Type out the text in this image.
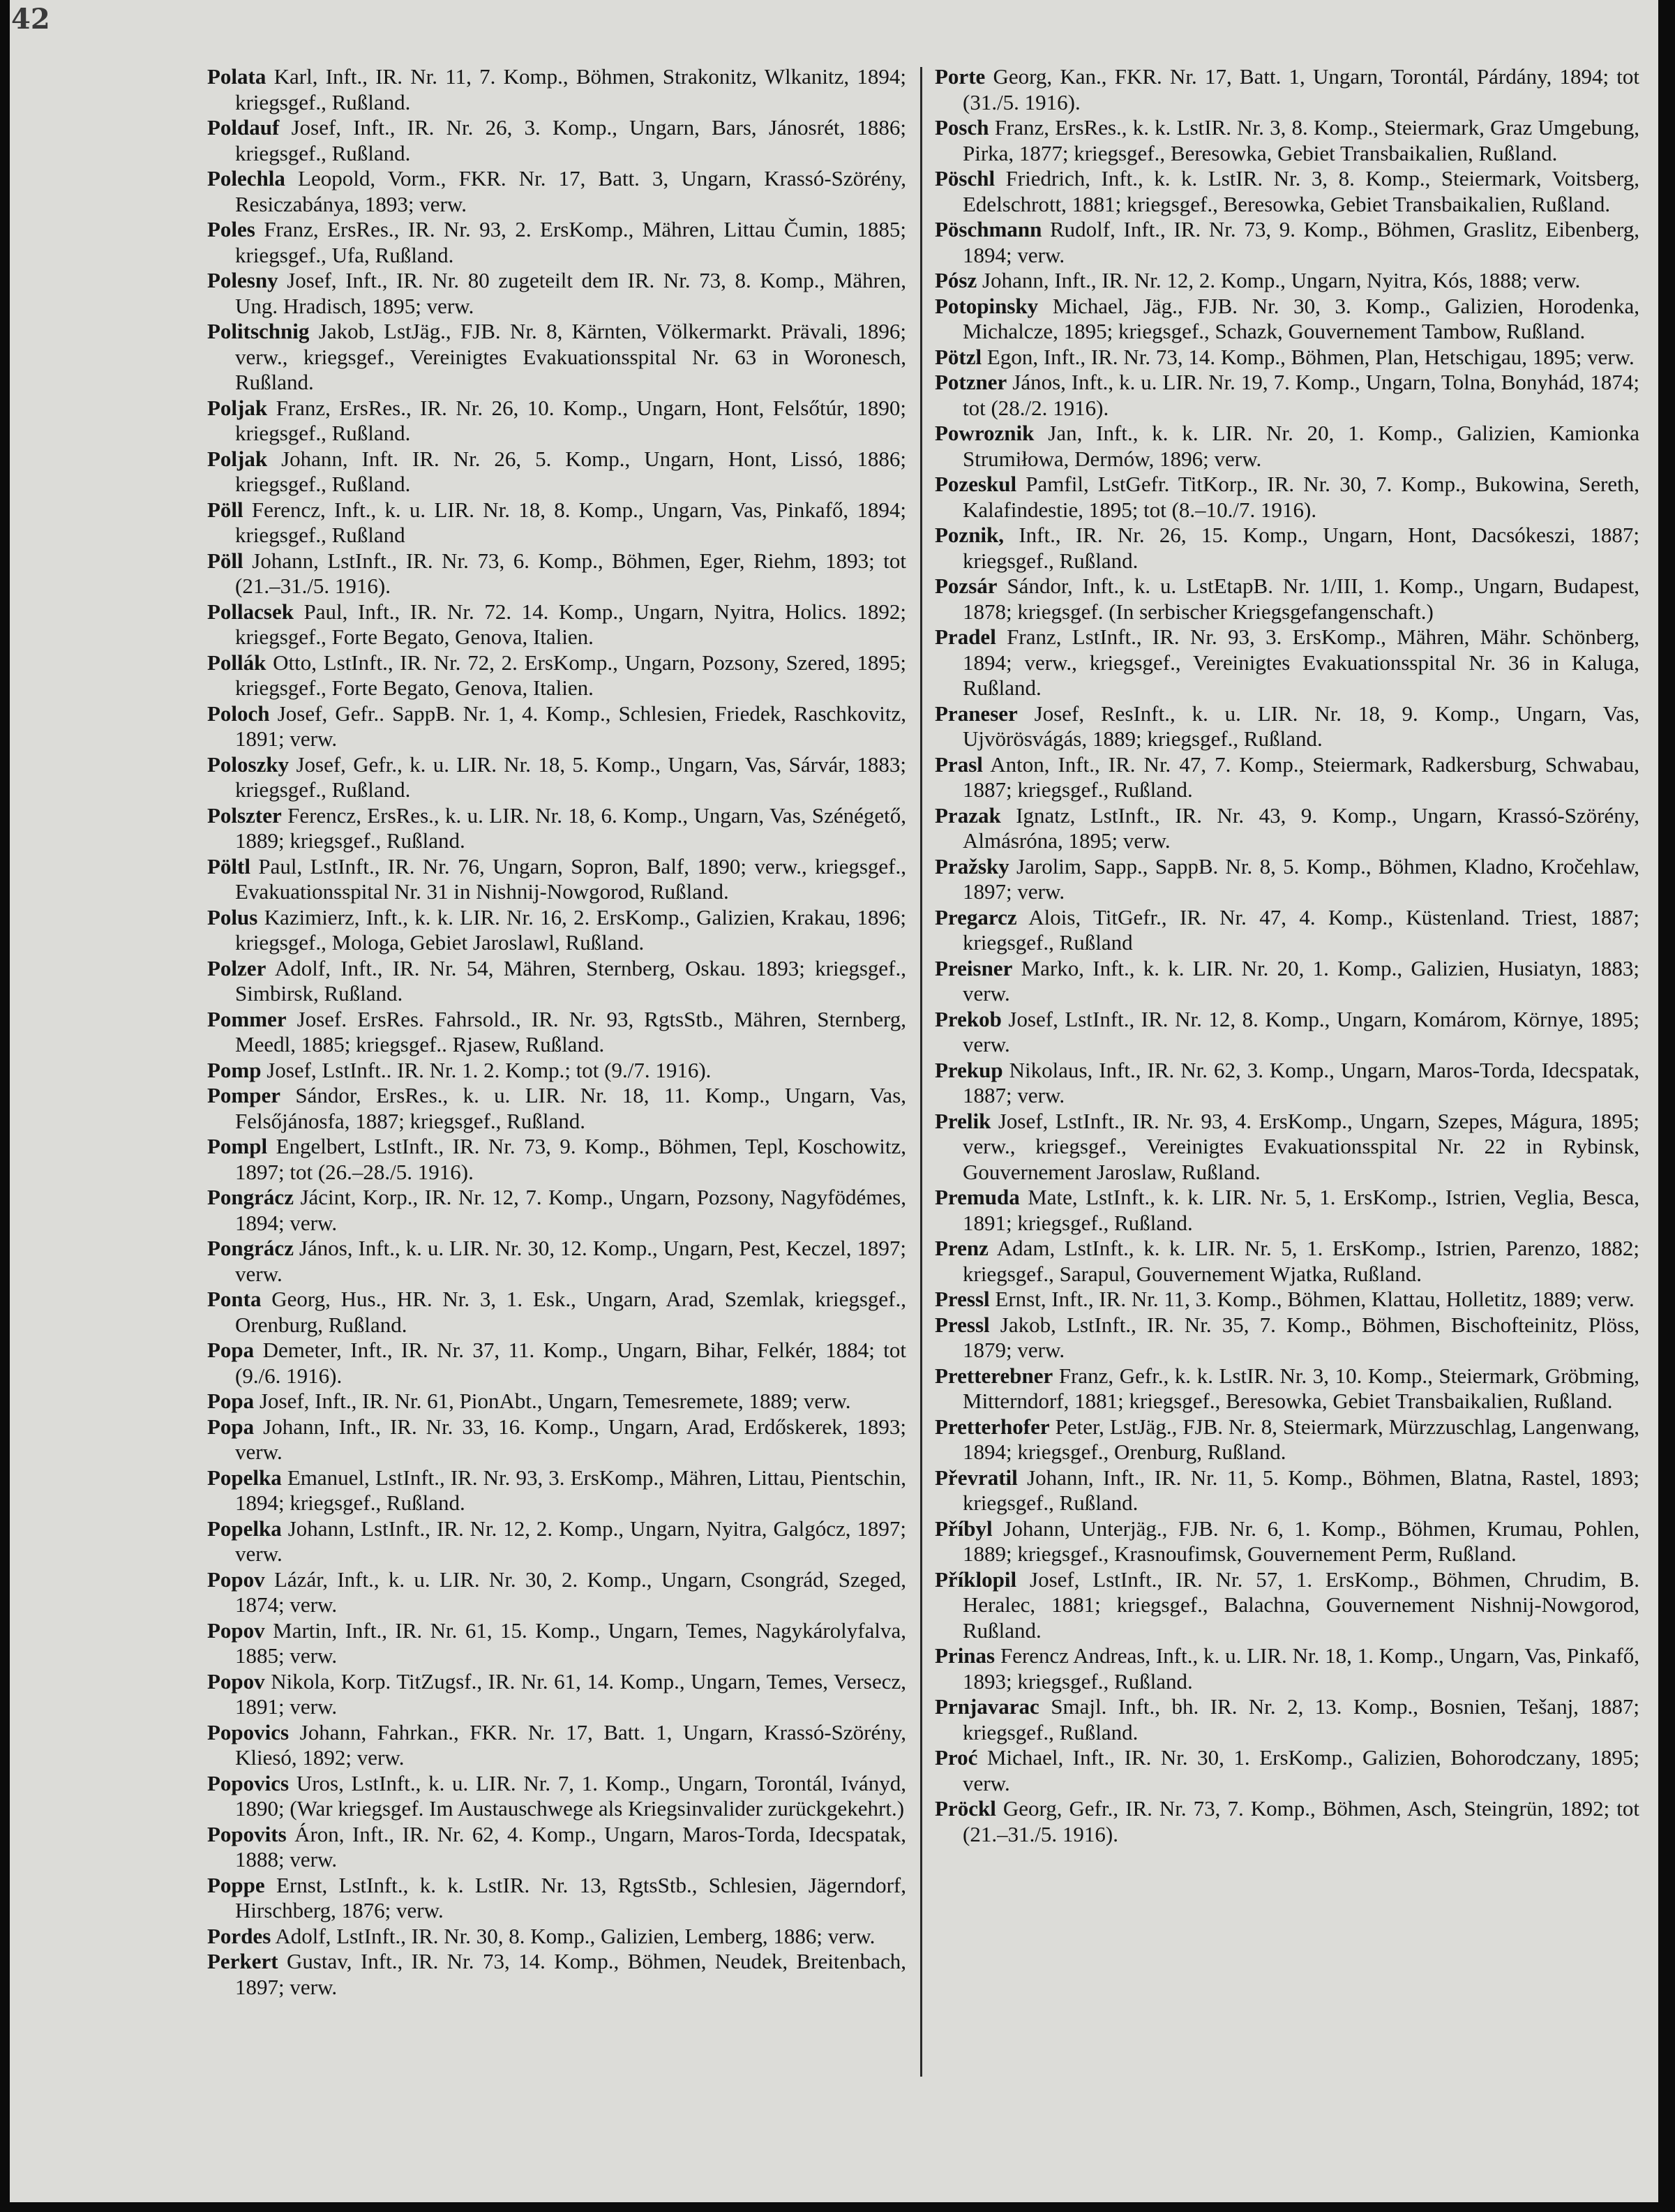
42

Polata Karl, Inft., IR. Nr. 11, 7. Komp., Böhmen, Strakonitz, Wlkanitz, 1894; kriegsgef., Rußland.

Poldauf Josef, Inft., IR. Nr. 26, 3. Komp., Ungarn, Bars, Jánosrét, 1886; kriegsgef., Rußland.

Polechla Leopold, Vorm., FKR. Nr. 17, Batt. 3, Ungarn, Krassó-Szörény, Resiczabánya, 1893; verw.

Poles Franz, ErsRes., IR. Nr. 93, 2. ErsKomp., Mähren, Littau Čumin, 1885; kriegsgef., Ufa, Rußland.

Polesny Josef, Inft., IR. Nr. 80 zugeteilt dem IR. Nr. 73, 8. Komp., Mähren, Ung. Hradisch, 1895; verw.

Politschnig Jakob, LstJäg., FJB. Nr. 8, Kärnten, Völkermarkt. Prävali, 1896; verw., kriegsgef., Vereinigtes Evakuationsspital Nr. 63 in Woronesch, Rußland.

Poljak Franz, ErsRes., IR. Nr. 26, 10. Komp., Ungarn, Hont, Felsőtúr, 1890; kriegsgef., Rußland.

Poljak Johann, Inft. IR. Nr. 26, 5. Komp., Ungarn, Hont, Lissó, 1886; kriegsgef., Rußland.

Pöll Ferencz, Inft., k. u. LIR. Nr. 18, 8. Komp., Ungarn, Vas, Pinkafő, 1894; kriegsgef., Rußland

Pöll Johann, LstInft., IR. Nr. 73, 6. Komp., Böhmen, Eger, Riehm, 1893; tot (21.–31./5. 1916).

Pollacsek Paul, Inft., IR. Nr. 72. 14. Komp., Ungarn, Nyitra, Holics. 1892; kriegsgef., Forte Begato, Genova, Italien.

Pollák Otto, LstInft., IR. Nr. 72, 2. ErsKomp., Ungarn, Pozsony, Szered, 1895; kriegsgef., Forte Begato, Genova, Italien.

Poloch Josef, Gefr.. SappB. Nr. 1, 4. Komp., Schlesien, Friedek, Raschkovitz, 1891; verw.

Poloszky Josef, Gefr., k. u. LIR. Nr. 18, 5. Komp., Ungarn, Vas, Sárvár, 1883; kriegsgef., Rußland.

Polszter Ferencz, ErsRes., k. u. LIR. Nr. 18, 6. Komp., Ungarn, Vas, Szénégető, 1889; kriegsgef., Rußland.

Pöltl Paul, LstInft., IR. Nr. 76, Ungarn, Sopron, Balf, 1890; verw., kriegsgef., Evakuationsspital Nr. 31 in Nishnij-Nowgorod, Rußland.

Polus Kazimierz, Inft., k. k. LIR. Nr. 16, 2. ErsKomp., Galizien, Krakau, 1896; kriegsgef., Mologa, Gebiet Jaroslawl, Rußland.

Polzer Adolf, Inft., IR. Nr. 54, Mähren, Sternberg, Oskau. 1893; kriegsgef., Simbirsk, Rußland.

Pommer Josef. ErsRes. Fahrsold., IR. Nr. 93, RgtsStb., Mähren, Sternberg, Meedl, 1885; kriegsgef.. Rjasew, Rußland.

Pomp Josef, LstInft.. IR. Nr. 1. 2. Komp.; tot (9./7. 1916).

Pomper Sándor, ErsRes., k. u. LIR. Nr. 18, 11. Komp., Ungarn, Vas, Felsőjánosfa, 1887; kriegsgef., Rußland.

Pompl Engelbert, LstInft., IR. Nr. 73, 9. Komp., Böhmen, Tepl, Koschowitz, 1897; tot (26.–28./5. 1916).

Pongrácz Jácint, Korp., IR. Nr. 12, 7. Komp., Ungarn, Pozsony, Nagyfödémes, 1894; verw.

Pongrácz János, Inft., k. u. LIR. Nr. 30, 12. Komp., Ungarn, Pest, Keczel, 1897; verw.

Ponta Georg, Hus., HR. Nr. 3, 1. Esk., Ungarn, Arad, Szemlak, kriegsgef., Orenburg, Rußland.

Popa Demeter, Inft., IR. Nr. 37, 11. Komp., Ungarn, Bihar, Felkér, 1884; tot (9./6. 1916).

Popa Josef, Inft., IR. Nr. 61, PionAbt., Ungarn, Temesremete, 1889; verw.

Popa Johann, Inft., IR. Nr. 33, 16. Komp., Ungarn, Arad, Erdőskerek, 1893; verw.

Popelka Emanuel, LstInft., IR. Nr. 93, 3. ErsKomp., Mähren, Littau, Pientschin, 1894; kriegsgef., Rußland.

Popelka Johann, LstInft., IR. Nr. 12, 2. Komp., Ungarn, Nyitra, Galgócz, 1897; verw.

Popov Lázár, Inft., k. u. LIR. Nr. 30, 2. Komp., Ungarn, Csongrád, Szeged, 1874; verw.

Popov Martin, Inft., IR. Nr. 61, 15. Komp., Ungarn, Temes, Nagykárolyfalva, 1885; verw.

Popov Nikola, Korp. TitZugsf., IR. Nr. 61, 14. Komp., Ungarn, Temes, Versecz, 1891; verw.

Popovics Johann, Fahrkan., FKR. Nr. 17, Batt. 1, Ungarn, Krassó-Szörény, Kliesó, 1892; verw.

Popovics Uros, LstInft., k. u. LIR. Nr. 7, 1. Komp., Ungarn, Torontál, Iványd, 1890; (War kriegsgef. Im Austauschwege als Kriegsinvalider zurückgekehrt.)

Popovits Áron, Inft., IR. Nr. 62, 4. Komp., Ungarn, Maros-Torda, Idecspatak, 1888; verw.

Poppe Ernst, LstInft., k. k. LstIR. Nr. 13, RgtsStb., Schlesien, Jägerndorf, Hirschberg, 1876; verw.

Pordes Adolf, LstInft., IR. Nr. 30, 8. Komp., Galizien, Lemberg, 1886; verw.

Perkert Gustav, Inft., IR. Nr. 73, 14. Komp., Böhmen, Neudek, Breitenbach, 1897; verw.

Porte Georg, Kan., FKR. Nr. 17, Batt. 1, Ungarn, Torontál, Párdány, 1894; tot (31./5. 1916).

Posch Franz, ErsRes., k. k. LstIR. Nr. 3, 8. Komp., Steiermark, Graz Umgebung, Pirka, 1877; kriegsgef., Beresowka, Gebiet Transbaikalien, Rußland.

Pöschl Friedrich, Inft., k. k. LstIR. Nr. 3, 8. Komp., Steiermark, Voitsberg, Edelschrott, 1881; kriegsgef., Beresowka, Gebiet Transbaikalien, Rußland.

Pöschmann Rudolf, Inft., IR. Nr. 73, 9. Komp., Böhmen, Graslitz, Eibenberg, 1894; verw.

Pósz Johann, Inft., IR. Nr. 12, 2. Komp., Ungarn, Nyitra, Kós, 1888; verw.

Potopinsky Michael, Jäg., FJB. Nr. 30, 3. Komp., Galizien, Horodenka, Michalcze, 1895; kriegsgef., Schazk, Gouvernement Tambow, Rußland.

Pötzl Egon, Inft., IR. Nr. 73, 14. Komp., Böhmen, Plan, Hetschigau, 1895; verw.

Potzner János, Inft., k. u. LIR. Nr. 19, 7. Komp., Ungarn, Tolna, Bonyhád, 1874; tot (28./2. 1916).

Powroznik Jan, Inft., k. k. LIR. Nr. 20, 1. Komp., Galizien, Kamionka Strumiłowa, Dermów, 1896; verw.

Pozeskul Pamfil, LstGefr. TitKorp., IR. Nr. 30, 7. Komp., Bukowina, Sereth, Kalafindestie, 1895; tot (8.–10./7. 1916).

Poznik, Inft., IR. Nr. 26, 15. Komp., Ungarn, Hont, Dacsókeszi, 1887; kriegsgef., Rußland.

Pozsár Sándor, Inft., k. u. LstEtapB. Nr. 1/III, 1. Komp., Ungarn, Budapest, 1878; kriegsgef. (In serbischer Kriegsgefangenschaft.)

Pradel Franz, LstInft., IR. Nr. 93, 3. ErsKomp., Mähren, Mähr. Schönberg, 1894; verw., kriegsgef., Vereinigtes Evakuationsspital Nr. 36 in Kaluga, Rußland.

Praneser Josef, ResInft., k. u. LIR. Nr. 18, 9. Komp., Ungarn, Vas, Ujvörösvágás, 1889; kriegsgef., Rußland.

Prasl Anton, Inft., IR. Nr. 47, 7. Komp., Steiermark, Radkersburg, Schwabau, 1887; kriegsgef., Rußland.

Prazak Ignatz, LstInft., IR. Nr. 43, 9. Komp., Ungarn, Krassó-Szörény, Almásróna, 1895; verw.

Pražsky Jarolim, Sapp., SappB. Nr. 8, 5. Komp., Böhmen, Kladno, Kročehlaw, 1897; verw.

Pregarcz Alois, TitGefr., IR. Nr. 47, 4. Komp., Küstenland. Triest, 1887; kriegsgef., Rußland

Preisner Marko, Inft., k. k. LIR. Nr. 20, 1. Komp., Galizien, Husiatyn, 1883; verw.

Prekob Josef, LstInft., IR. Nr. 12, 8. Komp., Ungarn, Komárom, Környe, 1895; verw.

Prekup Nikolaus, Inft., IR. Nr. 62, 3. Komp., Ungarn, Maros-Torda, Idecspatak, 1887; verw.

Prelik Josef, LstInft., IR. Nr. 93, 4. ErsKomp., Ungarn, Szepes, Mágura, 1895; verw., kriegsgef., Vereinigtes Evakuationsspital Nr. 22 in Rybinsk, Gouvernement Jaroslaw, Rußland.

Premuda Mate, LstInft., k. k. LIR. Nr. 5, 1. ErsKomp., Istrien, Veglia, Besca, 1891; kriegsgef., Rußland.

Prenz Adam, LstInft., k. k. LIR. Nr. 5, 1. ErsKomp., Istrien, Parenzo, 1882; kriegsgef., Sarapul, Gouvernement Wjatka, Rußland.

Pressl Ernst, Inft., IR. Nr. 11, 3. Komp., Böhmen, Klattau, Holletitz, 1889; verw.

Pressl Jakob, LstInft., IR. Nr. 35, 7. Komp., Böhmen, Bischofteinitz, Plöss, 1879; verw.

Pretterebner Franz, Gefr., k. k. LstIR. Nr. 3, 10. Komp., Steiermark, Gröbming, Mitterndorf, 1881; kriegsgef., Beresowka, Gebiet Transbaikalien, Rußland.

Pretterhofer Peter, LstJäg., FJB. Nr. 8, Steiermark, Mürzzuschlag, Langenwang, 1894; kriegsgef., Orenburg, Rußland.

Převratil Johann, Inft., IR. Nr. 11, 5. Komp., Böhmen, Blatna, Rastel, 1893; kriegsgef., Rußland.

Příbyl Johann, Unterjäg., FJB. Nr. 6, 1. Komp., Böhmen, Krumau, Pohlen, 1889; kriegsgef., Krasnoufimsk, Gouvernement Perm, Rußland.

Příklopil Josef, LstInft., IR. Nr. 57, 1. ErsKomp., Böhmen, Chrudim, B. Heralec, 1881; kriegsgef., Balachna, Gouvernement Nishnij-Nowgorod, Rußland.

Prinas Ferencz Andreas, Inft., k. u. LIR. Nr. 18, 1. Komp., Ungarn, Vas, Pinkafő, 1893; kriegsgef., Rußland.

Prnjavarac Smajl. Inft., bh. IR. Nr. 2, 13. Komp., Bosnien, Tešanj, 1887; kriegsgef., Rußland.

Proć Michael, Inft., IR. Nr. 30, 1. ErsKomp., Galizien, Bohorodczany, 1895; verw.

Pröckl Georg, Gefr., IR. Nr. 73, 7. Komp., Böhmen, Asch, Steingrün, 1892; tot (21.–31./5. 1916).
